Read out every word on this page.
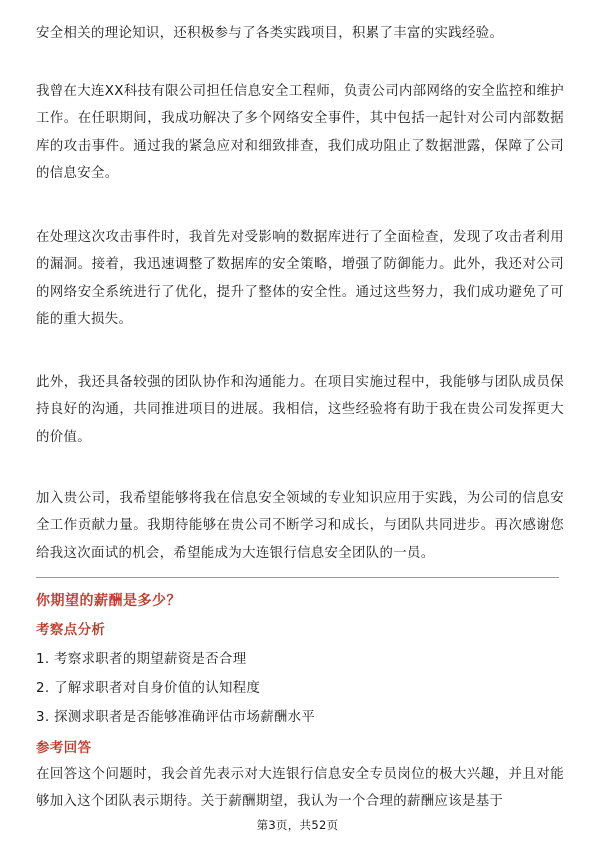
安全相关的理论知识，还积极参与了各类实践项目，积累了丰富的实践经验。

我曾在大连XX科技有限公司担任信息安全工程师，负责公司内部网络的安全监控和维护工作。在任职期间，我成功解决了多个网络安全事件，其中包括一起针对公司内部数据库的攻击事件。通过我的紧急应对和细致排查，我们成功阻止了数据泄露，保障了公司的信息安全。

在处理这次攻击事件时，我首先对受影响的数据库进行了全面检查，发现了攻击者利用的漏洞。接着，我迅速调整了数据库的安全策略，增强了防御能力。此外，我还对公司的网络安全系统进行了优化，提升了整体的安全性。通过这些努力，我们成功避免了可能的重大损失。

此外，我还具备较强的团队协作和沟通能力。在项目实施过程中，我能够与团队成员保持良好的沟通，共同推进项目的进展。我相信，这些经验将有助于我在贵公司发挥更大的价值。

加入贵公司，我希望能够将我在信息安全领域的专业知识应用于实践，为公司的信息安全工作贡献力量。我期待能够在贵公司不断学习和成长，与团队共同进步。再次感谢您给我这次面试的机会，希望能成为大连银行信息安全团队的一员。

你期望的薪酬是多少？
考察点分析
1. 考察求职者的期望薪资是否合理
2. 了解求职者对自身价值的认知程度
3. 探测求职者是否能够准确评估市场薪酬水平
参考回答

在回答这个问题时，我会首先表示对大连银行信息安全专员岗位的极大兴趣，并且对能够加入这个团队表示期待。关于薪酬期望，我认为一个合理的薪酬应该是基于

第3页，共52页
